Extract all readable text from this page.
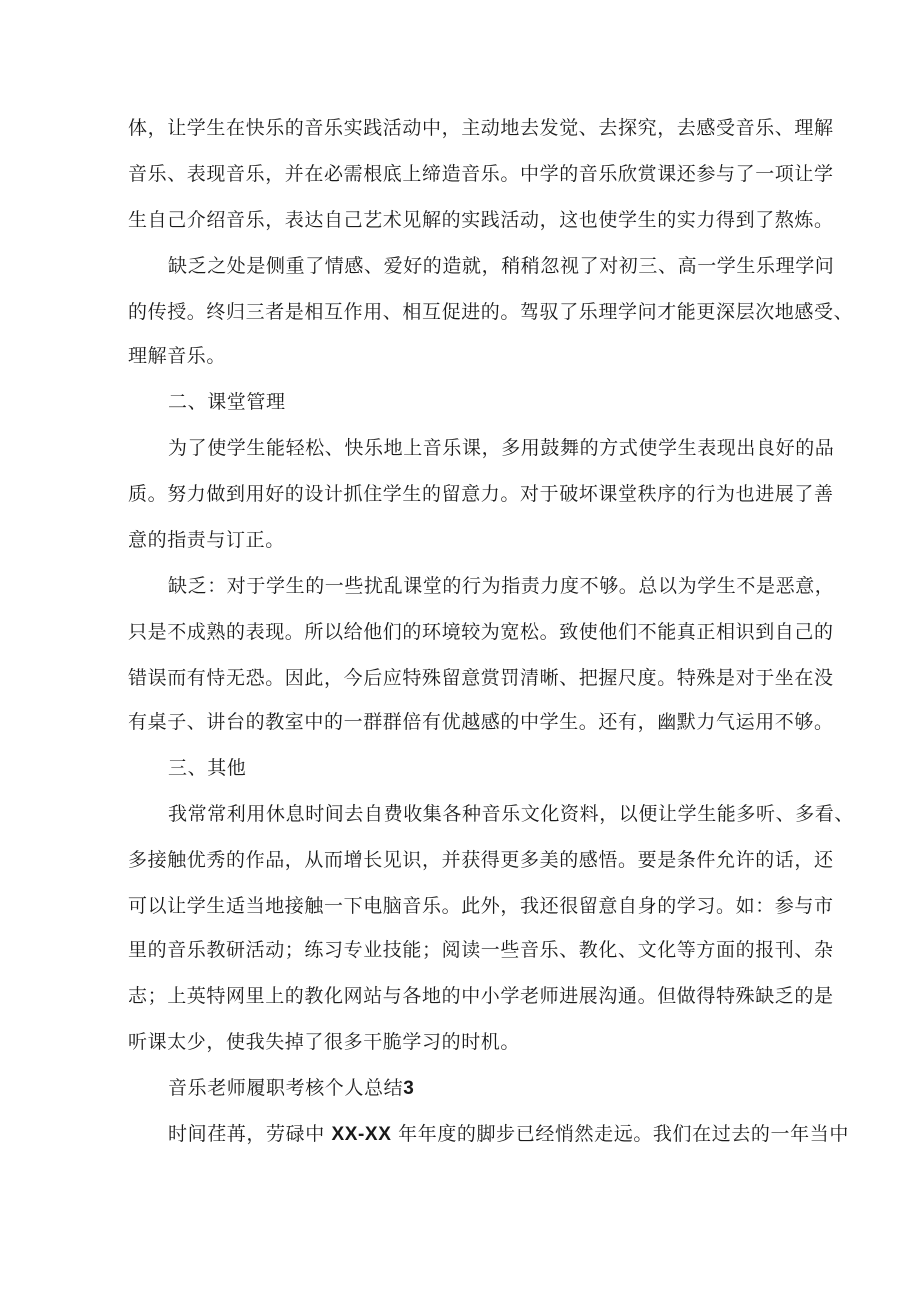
体，让学生在快乐的音乐实践活动中，主动地去发觉、去探究，去感受音乐、理解
音乐、表现音乐，并在必需根底上缔造音乐。中学的音乐欣赏课还参与了一项让学
生自己介绍音乐，表达自己艺术见解的实践活动，这也使学生的实力得到了熬炼。
缺乏之处是侧重了情感、爱好的造就，稍稍忽视了对初三、高一学生乐理学问
的传授。终归三者是相互作用、相互促进的。驾驭了乐理学问才能更深层次地感受、
理解音乐。
二、课堂管理
为了使学生能轻松、快乐地上音乐课，多用鼓舞的方式使学生表现出良好的品
质。努力做到用好的设计抓住学生的留意力。对于破坏课堂秩序的行为也进展了善
意的指责与订正。
缺乏：对于学生的一些扰乱课堂的行为指责力度不够。总以为学生不是恶意，
只是不成熟的表现。所以给他们的环境较为宽松。致使他们不能真正相识到自己的
错误而有恃无恐。因此，今后应特殊留意赏罚清晰、把握尺度。特殊是对于坐在没
有桌子、讲台的教室中的一群群倍有优越感的中学生。还有，幽默力气运用不够。
三、其他
我常常利用休息时间去自费收集各种音乐文化资料，以便让学生能多听、多看、
多接触优秀的作品，从而增长见识，并获得更多美的感悟。要是条件允许的话，还
可以让学生适当地接触一下电脑音乐。此外，我还很留意自身的学习。如：参与市
里的音乐教研活动；练习专业技能；阅读一些音乐、教化、文化等方面的报刊、杂
志；上英特网里上的教化网站与各地的中小学老师进展沟通。但做得特殊缺乏的是
听课太少，使我失掉了很多干脆学习的时机。
音乐老师履职考核个人总结3
时间荏苒，劳碌中 XX-XX 年年度的脚步已经悄然走远。我们在过去的一年当中
